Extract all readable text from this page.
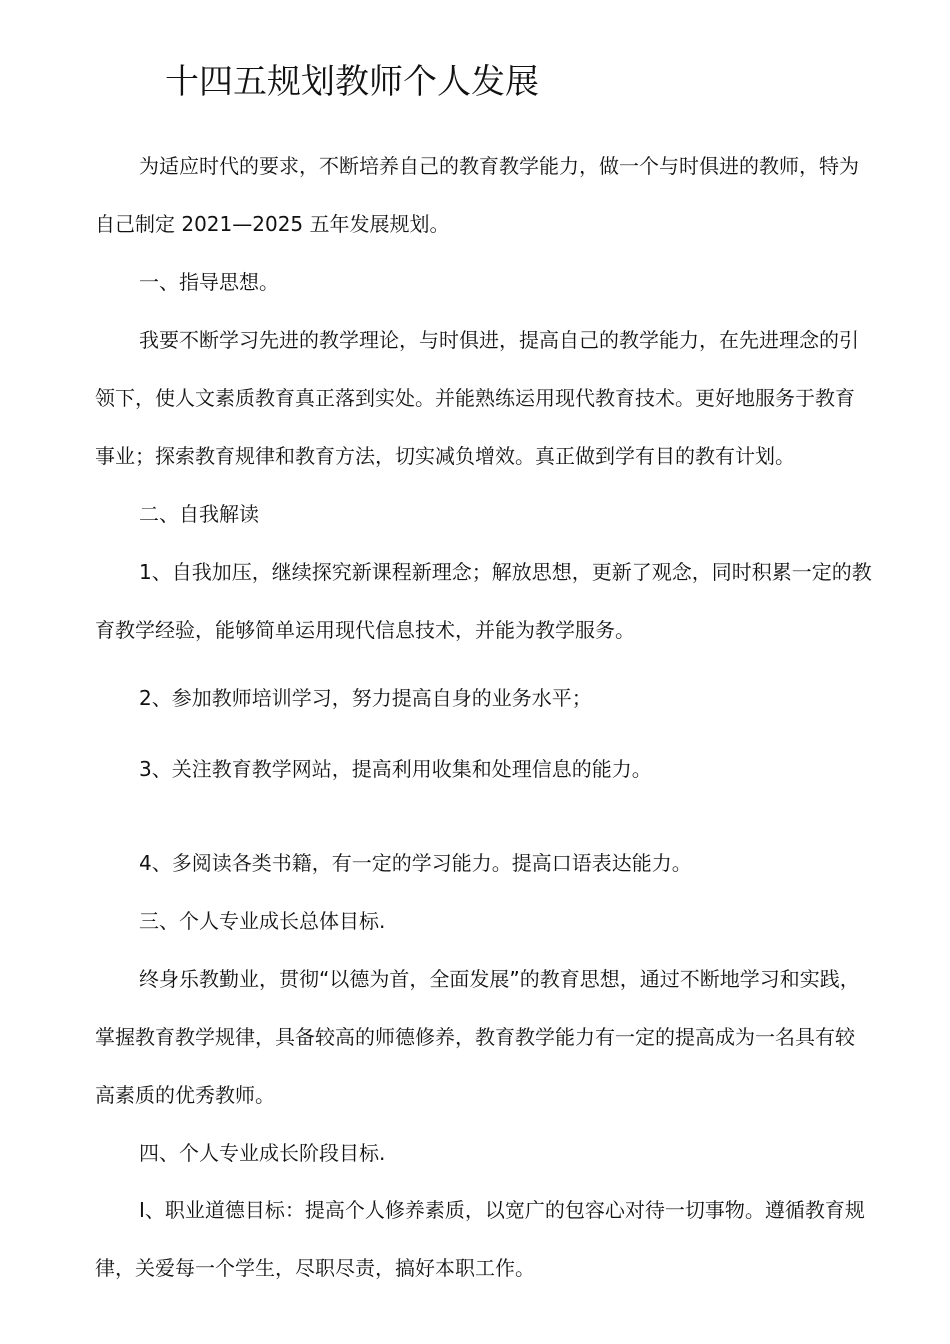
十四五规划教师个人发展

为适应时代的要求，不断培养自己的教育教学能力，做一个与时俱进的教师，特为

自己制定 2021—2025 五年发展规划。

一、指导思想。

我要不断学习先进的教学理论，与时俱进，提高自己的教学能力，在先进理念的引

领下，使人文素质教育真正落到实处。并能熟练运用现代教育技术。更好地服务于教育

事业；探索教育规律和教育方法，切实减负增效。真正做到学有目的教有计划。

二、自我解读

1、自我加压，继续探究新课程新理念；解放思想，更新了观念，同时积累一定的教

育教学经验，能够简单运用现代信息技术，并能为教学服务。

2、参加教师培训学习，努力提高自身的业务水平；

3、关注教育教学网站，提高利用收集和处理信息的能力。

4、多阅读各类书籍，有一定的学习能力。提高口语表达能力。

三、个人专业成长总体目标.

终身乐教勤业，贯彻“以德为首，全面发展”的教育思想，通过不断地学习和实践，

掌握教育教学规律，具备较高的师德修养，教育教学能力有一定的提高成为一名具有较

高素质的优秀教师。

四、个人专业成长阶段目标.

I、职业道德目标：提高个人修养素质，以宽广的包容心对待一切事物。遵循教育规

律，关爱每一个学生，尽职尽责，搞好本职工作。
